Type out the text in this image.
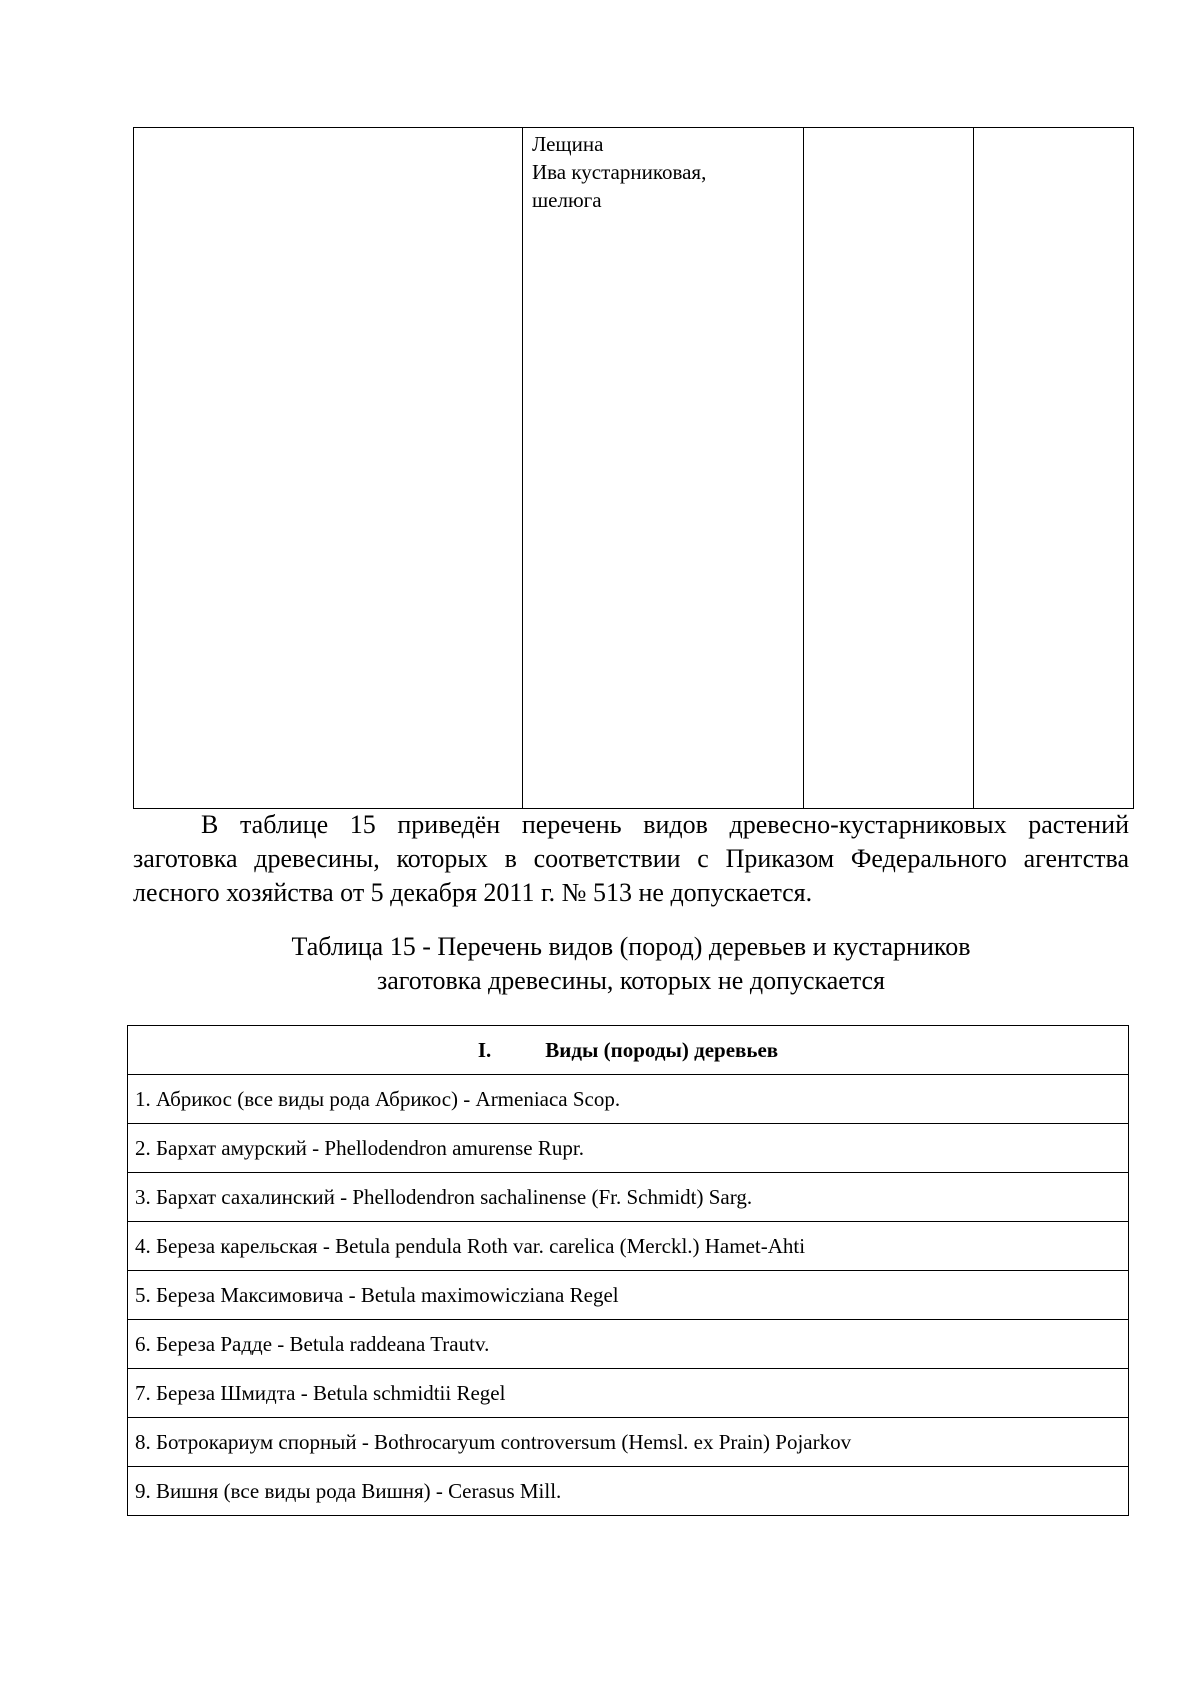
Лещина
Ива кустарниковая,
шелюга

В таблице 15 приведён перечень видов древесно-кустарниковых растений
заготовка древесины, которых в соответствии с Приказом Федерального агентства
лесного хозяйства от 5 декабря 2011 г. № 513 не допускается.
Таблица 15 - Перечень видов (пород) деревьев и кустарников
заготовка древесины, которых не допускается
I.	Виды (породы) деревьев
1. Абрикос (все виды рода Абрикос) - Armeniaca Scop.
2. Бархат амурский - Phellodendron amurense Rupr.
3. Бархат сахалинский - Phellodendron sachalinense (Fr. Schmidt) Sarg.
4. Береза карельская - Betula pendula Roth var. carelica (Merckl.) Hamet-Ahti
5. Береза Максимовича - Betula maximowicziana Regel
6. Береза Радде - Betula raddeana Trautv.
7. Береза Шмидта - Betula schmidtii Regel
8. Ботрокариум спорный - Bothrocaryum controversum (Hemsl. ex Prain) Pojarkov
9. Вишня (все виды рода Вишня) - Cerasus Mill.
